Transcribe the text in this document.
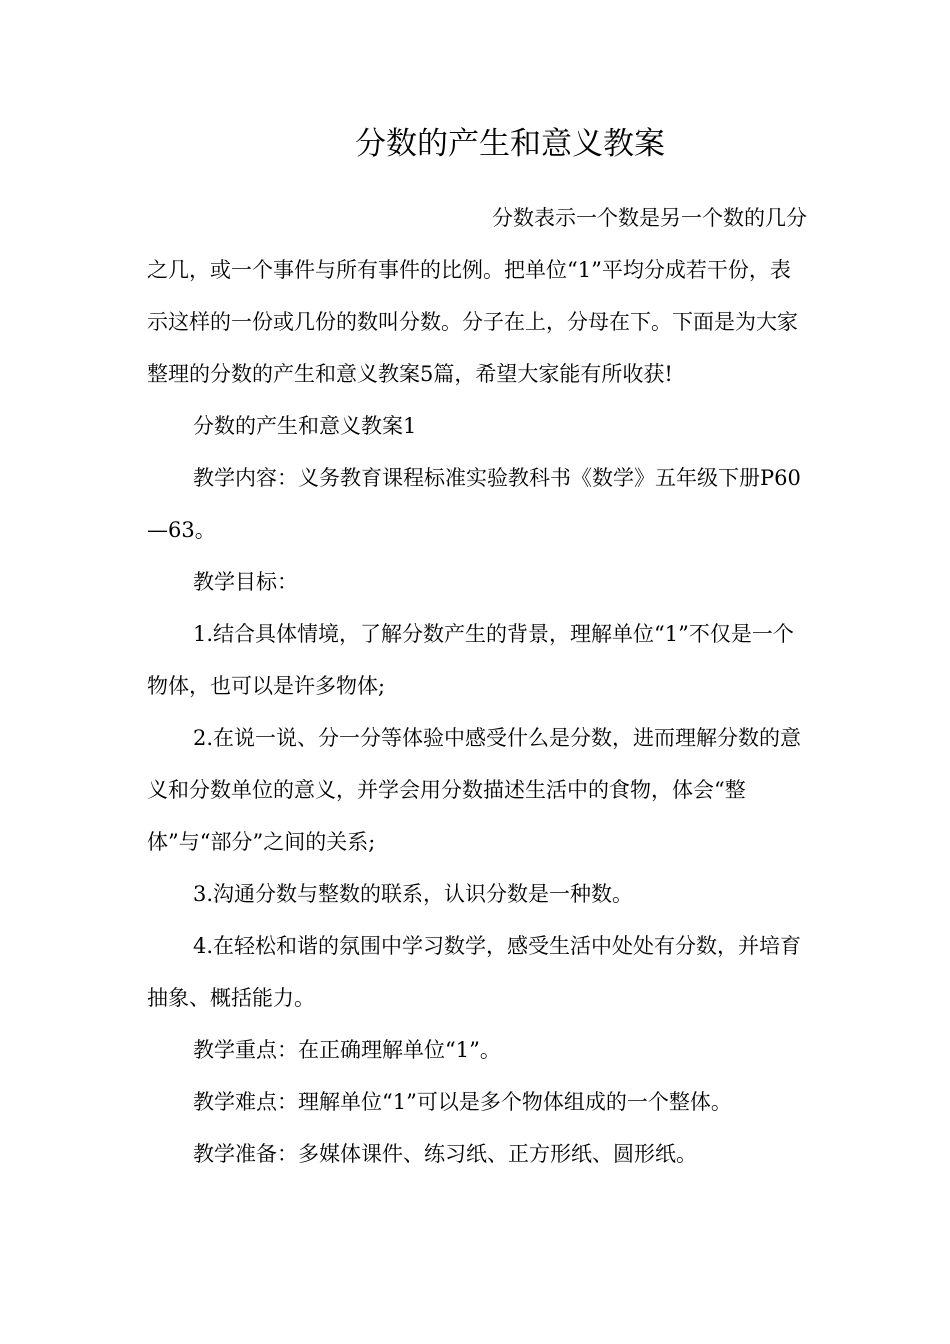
分数的产生和意义教案

分数表示一个数是另一个数的几分之几，或一个事件与所有事件的比例。把单位“1”平均分成若干份，表示这样的一份或几份的数叫分数。分子在上，分母在下。下面是为大家整理的分数的产生和意义教案5篇，希望大家能有所收获!

分数的产生和意义教案1

教学内容：义务教育课程标准实验教科书《数学》五年级下册P60—63。

教学目标：

1.结合具体情境，了解分数产生的背景，理解单位“1”不仅是一个物体，也可以是许多物体;

2.在说一说、分一分等体验中感受什么是分数，进而理解分数的意义和分数单位的意义，并学会用分数描述生活中的食物，体会“整体”与“部分”之间的关系;

3.沟通分数与整数的联系，认识分数是一种数。

4.在轻松和谐的氛围中学习数学，感受生活中处处有分数，并培育抽象、概括能力。

教学重点：在正确理解单位“1”。

教学难点：理解单位“1”可以是多个物体组成的一个整体。

教学准备：多媒体课件、练习纸、正方形纸、圆形纸。
